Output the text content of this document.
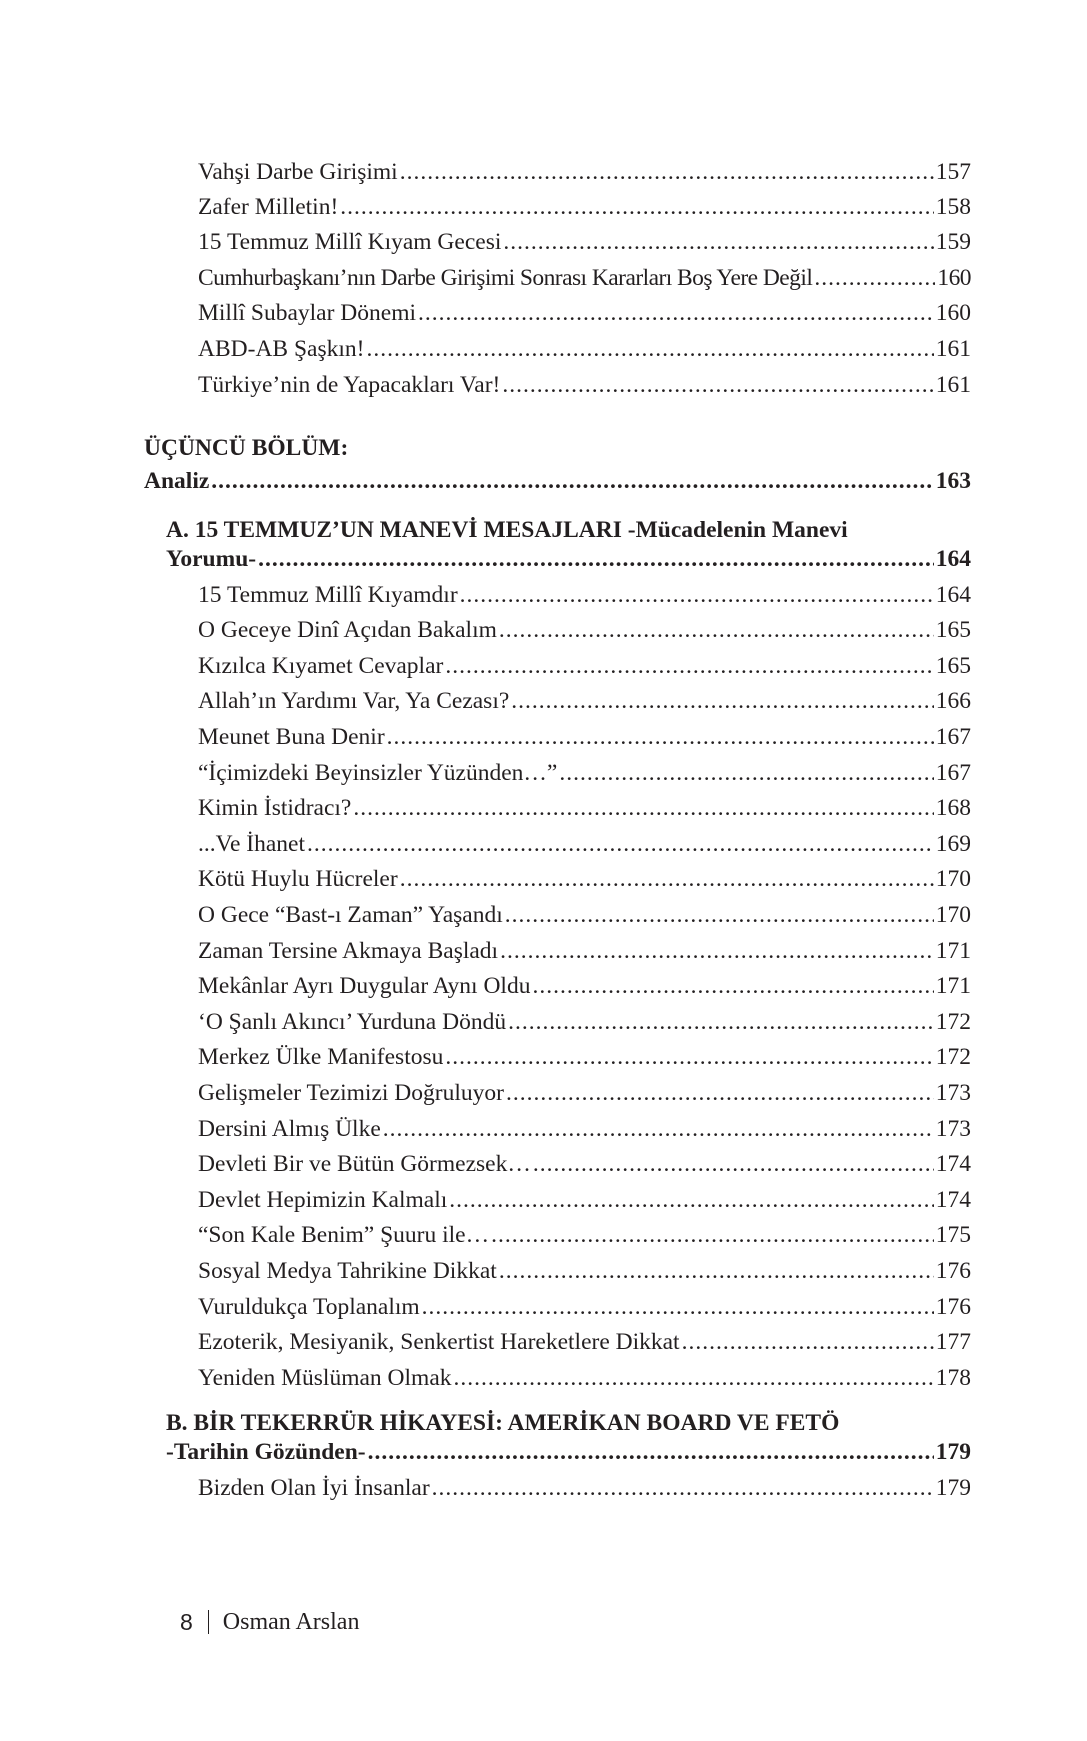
Vahşi Darbe Girişimi .....	157
Zafer Milletin! .....	158
15 Temmuz Millî Kıyam Gecesi .....	159
Cumhurbaşkanı’nın Darbe Girişimi Sonrası Kararları Boş Yere Değil .....	160
Millî Subaylar Dönemi .....	160
ABD-AB Şaşkın! .....	161
Türkiye’nin de Yapacakları Var! .....	161
ÜÇÜNCÜ BÖLÜM:
Analiz .....	163
A. 15 TEMMUZ’UN MANEVİ MESAJLARI -Mücadelenin Manevi
Yorumu- .....	164
15 Temmuz Millî Kıyamdır .....	164
O Geceye Dinî Açıdan Bakalım .....	165
Kızılca Kıyamet Cevaplar .....	165
Allah’ın Yardımı Var, Ya Cezası? .....	166
Meunet Buna Denir .....	167
“İçimizdeki Beyinsizler Yüzünden…” .....	167
Kimin İstidracı? .....	168
...Ve İhanet .....	169
Kötü Huylu Hücreler .....	170
O Gece “Bast-ı Zaman” Yaşandı .....	170
Zaman Tersine Akmaya Başladı .....	171
Mekânlar Ayrı Duygular Aynı Oldu .....	171
‘O Şanlı Akıncı’ Yurduna Döndü .....	172
Merkez Ülke Manifestosu .....	172
Gelişmeler Tezimizi Doğruluyor .....	173
Dersini Almış Ülke .....	173
Devleti Bir ve Bütün Görmezsek… .....	174
Devlet Hepimizin Kalmalı .....	174
“Son Kale Benim” Şuuru ile… .....	175
Sosyal Medya Tahrikine Dikkat .....	176
Vuruldukça Toplanalım .....	176
Ezoterik, Mesiyanik, Senkertist Hareketlere Dikkat .....	177
Yeniden Müslüman Olmak .....	178
B. BİR TEKERRÜR HİKAYESİ: AMERİKAN BOARD VE FETÖ
-Tarihin Gözünden- .....	179
Bizden Olan İyi İnsanlar .....	179
8 Osman Arslan
